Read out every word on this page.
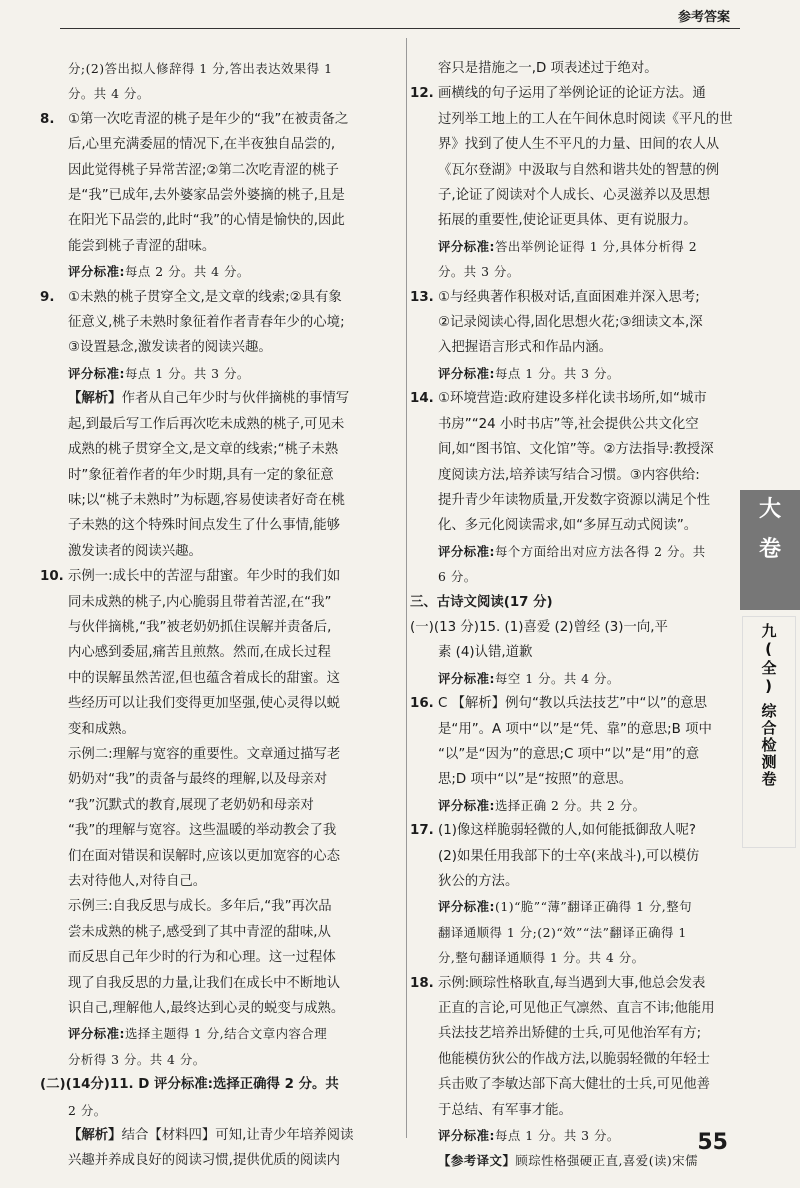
参考答案
分;(2)答出拟人修辞得 1 分,答出表达效果得 1
分。共 4 分。
8. ①第一次吃青涩的桃子是年少的“我”在被责备之
后,心里充满委屈的情况下,在半夜独自品尝的,
因此觉得桃子异常苦涩;②第二次吃青涩的桃子
是“我”已成年,去外婆家品尝外婆摘的桃子,且是
在阳光下品尝的,此时“我”的心情是愉快的,因此
能尝到桃子青涩的甜味。
评分标准:每点 2 分。共 4 分。
9. ①未熟的桃子贯穿全文,是文章的线索;②具有象
征意义,桃子未熟时象征着作者青春年少的心境;
③设置悬念,激发读者的阅读兴趣。
评分标准:每点 1 分。共 3 分。
【解析】作者从自己年少时与伙伴摘桃的事情写
起,到最后写工作后再次吃未成熟的桃子,可见未
成熟的桃子贯穿全文,是文章的线索;“桃子未熟
时”象征着作者的年少时期,具有一定的象征意
味;以“桃子未熟时”为标题,容易使读者好奇在桃
子未熟的这个特殊时间点发生了什么事情,能够
激发读者的阅读兴趣。
10. 示例一:成长中的苦涩与甜蜜。年少时的我们如
同未成熟的桃子,内心脆弱且带着苦涩,在“我”
与伙伴摘桃,“我”被老奶奶抓住误解并责备后,
内心感到委屈,痛苦且煎熬。然而,在成长过程
中的误解虽然苦涩,但也蕴含着成长的甜蜜。这
些经历可以让我们变得更加坚强,使心灵得以蜕
变和成熟。
示例二:理解与宽容的重要性。文章通过描写老
奶奶对“我”的责备与最终的理解,以及母亲对
“我”沉默式的教育,展现了老奶奶和母亲对
“我”的理解与宽容。这些温暖的举动教会了我
们在面对错误和误解时,应该以更加宽容的心态
去对待他人,对待自己。
示例三:自我反思与成长。多年后,“我”再次品
尝未成熟的桃子,感受到了其中青涩的甜味,从
而反思自己年少时的行为和心理。这一过程体
现了自我反思的力量,让我们在成长中不断地认
识自己,理解他人,最终达到心灵的蜕变与成熟。
评分标准:选择主题得 1 分,结合文章内容合理
分析得 3 分。共 4 分。
(二)(14分)11. D 评分标准:选择正确得 2 分。共
2 分。
【解析】结合【材料四】可知,让青少年培养阅读
兴趣并养成良好的阅读习惯,提供优质的阅读内
容只是措施之一,D 项表述过于绝对。
12. 画横线的句子运用了举例论证的论证方法。通
过列举工地上的工人在午间休息时阅读《平凡的世
界》找到了使人生不平凡的力量、田间的农人从
《瓦尔登湖》中汲取与自然和谐共处的智慧的例
子,论证了阅读对个人成长、心灵滋养以及思想
拓展的重要性,使论证更具体、更有说服力。
评分标准:答出举例论证得 1 分,具体分析得 2
分。共 3 分。
13. ①与经典著作积极对话,直面困难并深入思考;
②记录阅读心得,固化思想火花;③细读文本,深
入把握语言形式和作品内涵。
评分标准:每点 1 分。共 3 分。
14. ①环境营造:政府建设多样化读书场所,如“城市
书房”“24 小时书店”等,社会提供公共文化空
间,如“图书馆、文化馆”等。②方法指导:教授深
度阅读方法,培养读写结合习惯。③内容供给:
提升青少年读物质量,开发数字资源以满足个性
化、多元化阅读需求,如“多屏互动式阅读”。
评分标准:每个方面给出对应方法各得 2 分。共
6 分。
三、古诗文阅读(17 分)
(一)(13 分)15. (1)喜爱 (2)曾经 (3)一向,平
素 (4)认错,道歉
评分标准:每空 1 分。共 4 分。
16. C 【解析】例句“教以兵法技艺”中“以”的意思
是“用”。A 项中“以”是“凭、靠”的意思;B 项中
“以”是“因为”的意思;C 项中“以”是“用”的意
思;D 项中“以”是“按照”的意思。
评分标准:选择正确 2 分。共 2 分。
17. (1)像这样脆弱轻微的人,如何能抵御敌人呢?
(2)如果任用我部下的士卒(来战斗),可以模仿
狄公的方法。
评分标准:(1)“脆”“薄”翻译正确得 1 分,整句
翻译通顺得 1 分;(2)“效”“法”翻译正确得 1
分,整句翻译通顺得 1 分。共 4 分。
18. 示例:顾琮性格耿直,每当遇到大事,他总会发表
正直的言论,可见他正气凛然、直言不讳;他能用
兵法技艺培养出矫健的士兵,可见他治军有方;
他能模仿狄公的作战方法,以脆弱轻微的年轻士
兵击败了李敏达部下高大健壮的士兵,可见他善
于总结、有军事才能。
评分标准:每点 1 分。共 3 分。
【参考译文】顾琮性格强硬正直,喜爱(读)宋儒
大
卷
九(全)
综合检测卷
55
